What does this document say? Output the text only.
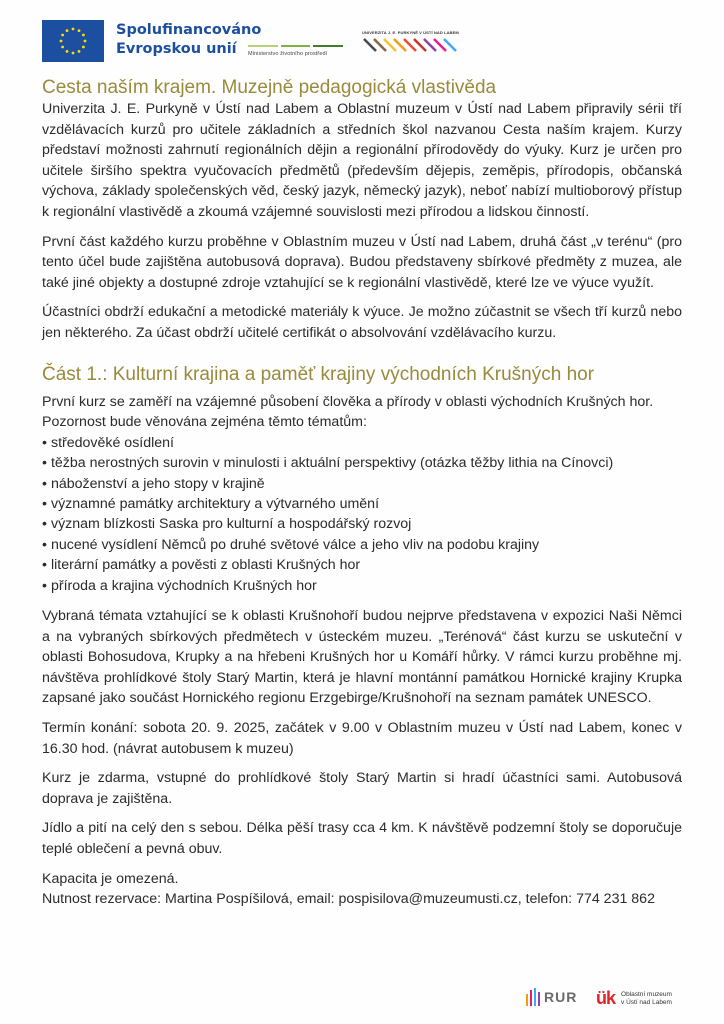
Spolufinancováno
Evropskou unií	Ministerstvo životního prostředí
UNIVERZITA J. E. PURKYNĚ V ÚSTÍ NAD LABEM
Cesta naším krajem. Muzejně pedagogická vlastivěda

Univerzita J. E. Purkyně v Ústí nad Labem a Oblastní muzeum v Ústí nad Labem připravily sérii tří vzdělávacích kurzů pro učitele základních a středních škol nazvanou Cesta naším krajem. Kurzy představí možnosti zahrnutí regionálních dějin a regionální přírodovědy do výuky. Kurz je určen pro učitele širšího spektra vyučovacích předmětů (především dějepis, zeměpis, přírodopis, občanská výchova, základy společenských věd, český jazyk, německý jazyk), neboť nabízí multioborový přístup k regionální vlastivědě a zkoumá vzájemné souvislosti mezi přírodou a lidskou činností.

První část každého kurzu proběhne v Oblastním muzeu v Ústí nad Labem, druhá část „v terénu“ (pro tento účel bude zajištěna autobusová doprava). Budou představeny sbírkové předměty z muzea, ale také jiné objekty a dostupné zdroje vztahující se k regionální vlastivědě, které lze ve výuce využít.

Účastníci obdrží edukační a metodické materiály k výuce. Je možno zúčastnit se všech tří kurzů nebo jen některého. Za účast obdrží učitelé certifikát o absolvování vzdělávacího kurzu.

Část 1.: Kulturní krajina a paměť krajiny východních Krušných hor

První kurz se zaměří na vzájemné působení člověka a přírody v oblasti východních Krušných hor. Pozornost bude věnována zejména těmto tématům:

• středověké osídlení
• těžba nerostných surovin v minulosti i aktuální perspektivy (otázka těžby lithia na Cínovci)
• náboženství a jeho stopy v krajině
• významné památky architektury a výtvarného umění
• význam blízkosti Saska pro kulturní a hospodářský rozvoj
• nucené vysídlení Němců po druhé světové válce a jeho vliv na podobu krajiny
• literární památky a pověsti z oblasti Krušných hor
• příroda a krajina východních Krušných hor

Vybraná témata vztahující se k oblasti Krušnohoří budou nejprve představena v expozici Naši Němci a na vybraných sbírkových předmětech v ústeckém muzeu. „Terénová“ část kurzu se uskuteční v oblasti Bohosudova, Krupky a na hřebeni Krušných hor u Komáří hůrky. V rámci kurzu proběhne mj. návštěva prohlídkové štoly Starý Martin, která je hlavní montánní památkou Hornické krajiny Krupka zapsané jako součást Hornického regionu Erzgebirge/Krušnohoří na seznam památek UNESCO.

Termín konání: sobota 20. 9. 2025, začátek v 9.00 v Oblastním muzeu v Ústí nad Labem, konec v 16.30 hod. (návrat autobusem k muzeu)

Kurz je zdarma, vstupné do prohlídkové štoly Starý Martin si hradí účastníci sami. Autobusová doprava je zajištěna.

Jídlo a pití na celý den s sebou. Délka pěší trasy cca 4 km. K návštěvě podzemní štoly se doporučuje teplé oblečení a pevná obuv.

Kapacita je omezená.
Nutnost rezervace: Martina Pospíšilová, email: pospisilova@muzeumusti.cz, telefon: 774 231 862

RUR ük Oblastní muzeum
v Ústí nad Labem
